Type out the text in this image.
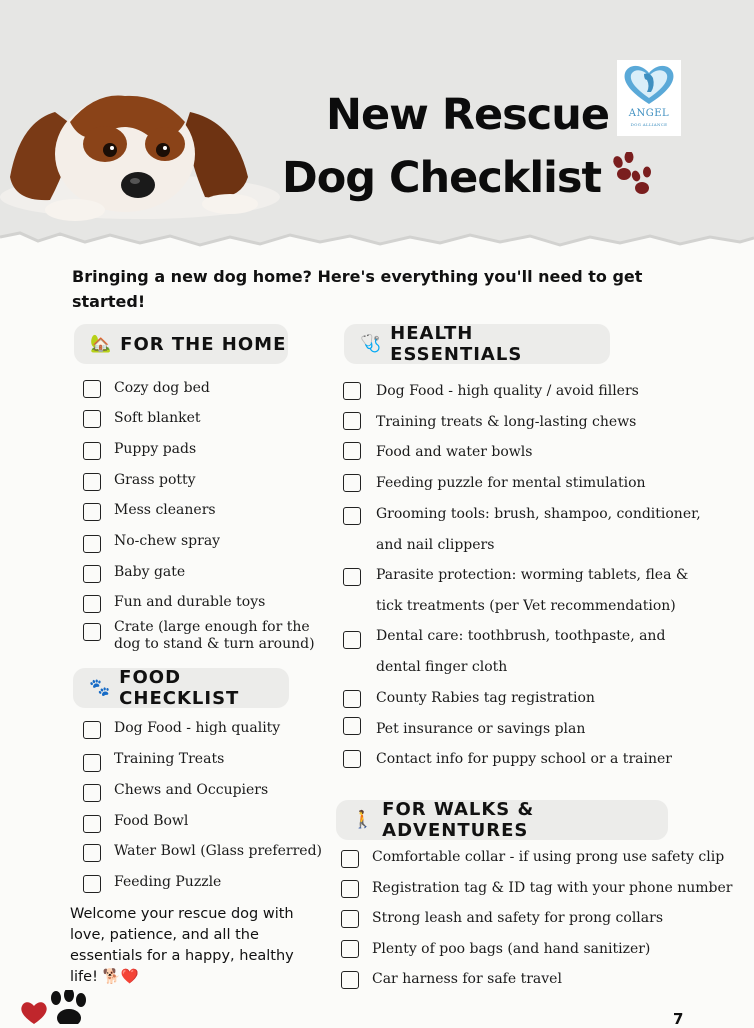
New Rescue
Dog Checklist
ANGEL
DOG ALLIANCE
Bringing a new dog home? Here's everything you'll need to get started!
🏡 FOR THE HOME
Cozy dog bed
Soft blanket
Puppy pads
Grass potty
Mess cleaners
No-chew spray
Baby gate
Fun and durable toys
Crate (large enough for the
dog to stand & turn around)
🐾 FOOD CHECKLIST
Dog Food - high quality
Training Treats
Chews and Occupiers
Food Bowl
Water Bowl (Glass preferred)
Feeding Puzzle
🩺 HEALTH ESSENTIALS
Dog Food - high quality / avoid fillers
Training treats & long-lasting chews
Food and water bowls
Feeding puzzle for mental stimulation
Grooming tools: brush, shampoo, conditioner,
and nail clippers
Parasite protection: worming tablets, flea &
tick treatments (per Vet recommendation)
Dental care: toothbrush, toothpaste, and
dental finger cloth
County Rabies tag registration
Pet insurance or savings plan
Contact info for puppy school or a trainer
🚶 FOR WALKS & ADVENTURES
Comfortable collar - if using prong use safety clip
Registration tag & ID tag with your phone number
Strong leash and safety for prong collars
Plenty of poo bags (and hand sanitizer)
Car harness for safe travel
Welcome your rescue dog with love, patience, and all the essentials for a happy, healthy life! 🐕❤️
7
